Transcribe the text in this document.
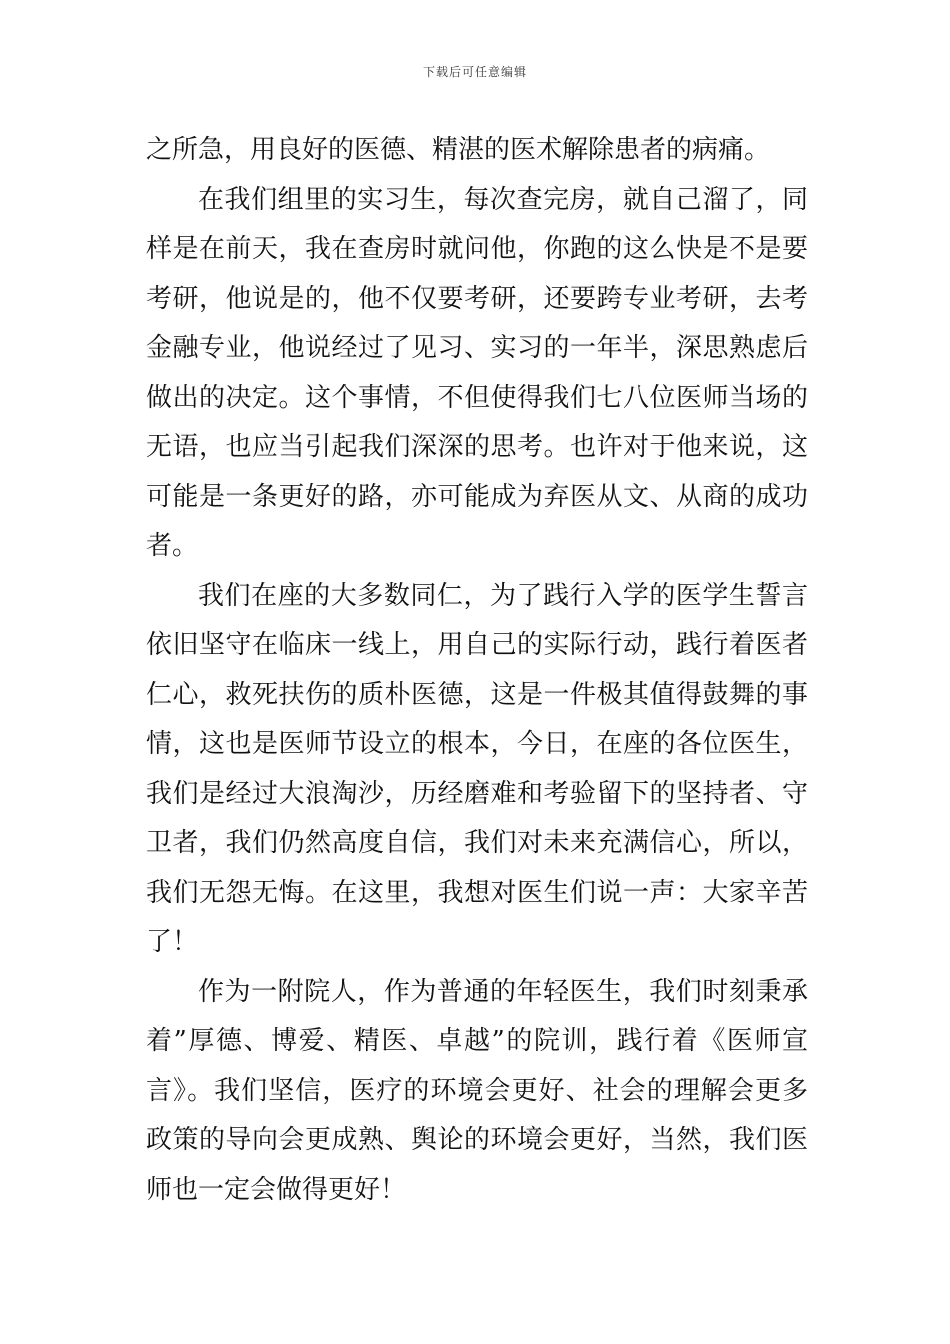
下载后可任意编辑
之所急，用良好的医德、精湛的医术解除患者的病痛。
在我们组里的实习生，每次查完房，就自己溜了，同
样是在前天，我在查房时就问他，你跑的这么快是不是要
考研，他说是的，他不仅要考研，还要跨专业考研，去考
金融专业，他说经过了见习、实习的一年半，深思熟虑后
做出的决定。这个事情，不但使得我们七八位医师当场的
无语，也应当引起我们深深的思考。也许对于他来说，这
可能是一条更好的路，亦可能成为弃医从文、从商的成功
者。
我们在座的大多数同仁，为了践行入学的医学生誓言
依旧坚守在临床一线上，用自己的实际行动，践行着医者
仁心，救死扶伤的质朴医德，这是一件极其值得鼓舞的事
情，这也是医师节设立的根本，今日，在座的各位医生，
我们是经过大浪淘沙，历经磨难和考验留下的坚持者、守
卫者，我们仍然高度自信，我们对未来充满信心，所以，
我们无怨无悔。在这里，我想对医生们说一声：大家辛苦
了！
作为一附院人，作为普通的年轻医生，我们时刻秉承
着”厚德、博爱、精医、卓越”的院训，践行着《医师宣
言》。我们坚信，医疗的环境会更好、社会的理解会更多
政策的导向会更成熟、舆论的环境会更好，当然，我们医
师也一定会做得更好！
